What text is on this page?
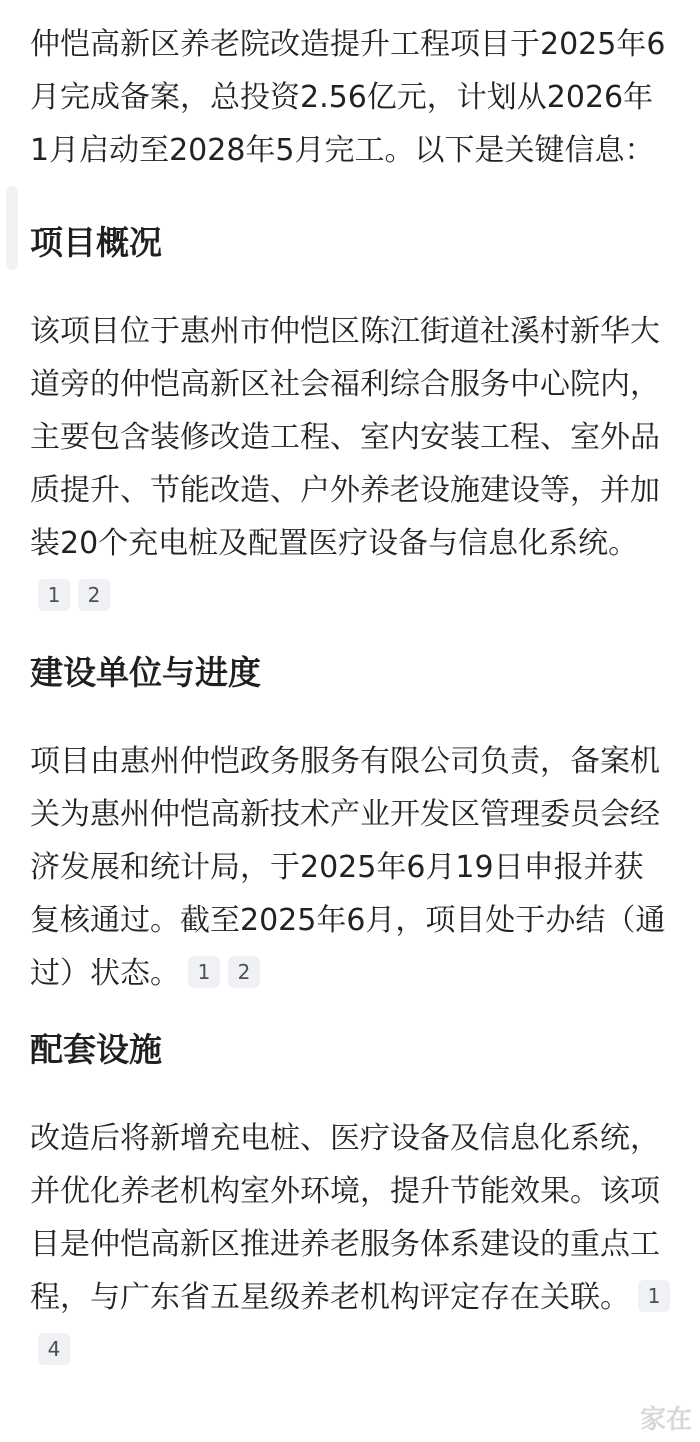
仲恺高新区养老院改造提升工程项目于2025年6月完成备案，总投资2.56亿元，计划从2026年1月启动至2028年5月完工。以下是关键信息：

项目概况

该项目位于惠州市仲恺区陈江街道社溪村新华大道旁的仲恺高新区社会福利综合服务中心院内，主要包含装修改造工程、室内安装工程、室外品质提升、节能改造、户外养老设施建设等，并加装20个充电桩及配置医疗设备与信息化系统。1 2

建设单位与进度

项目由惠州仲恺政务服务有限公司负责，备案机关为惠州仲恺高新技术产业开发区管理委员会经济发展和统计局，于2025年6月19日申报并获复核通过。截至2025年6月，项目处于办结（通过）状态。 1 2

配套设施

改造后将新增充电桩、医疗设备及信息化系统，并优化养老机构室外环境，提升节能效果。该项目是仲恺高新区推进养老服务体系建设的重点工程，与广东省五星级养老机构评定存在关联。 14

家在
